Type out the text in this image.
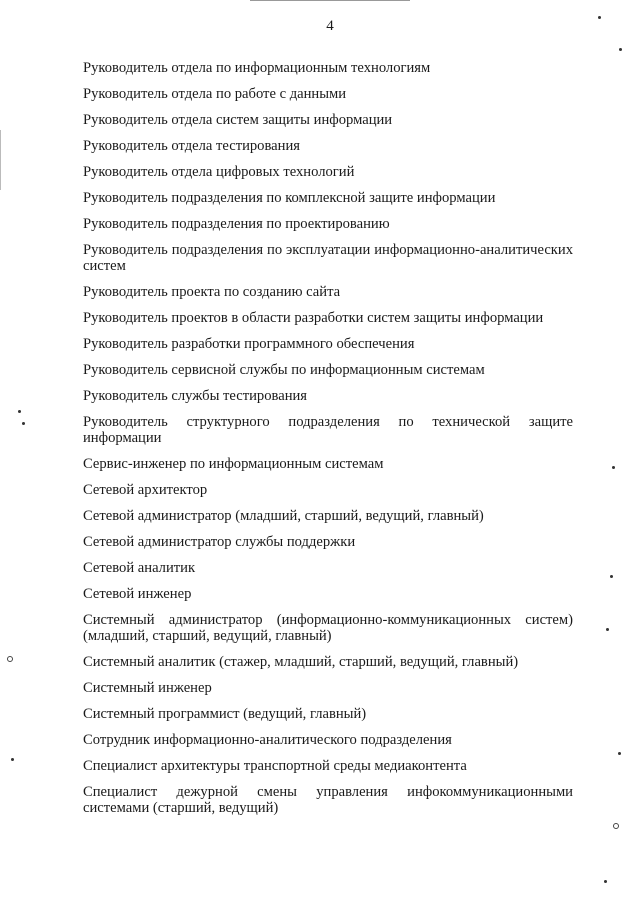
4
Руководитель отдела по информационным технологиям
Руководитель отдела по работе с данными
Руководитель отдела систем защиты информации
Руководитель отдела тестирования
Руководитель отдела цифровых технологий
Руководитель подразделения по комплексной защите информации
Руководитель подразделения по проектированию
Руководитель подразделения по эксплуатации информационно-аналитических систем
Руководитель проекта по созданию сайта
Руководитель проектов в области разработки систем защиты информации
Руководитель разработки программного обеспечения
Руководитель сервисной службы по информационным системам
Руководитель службы тестирования
Руководитель структурного подразделения по технической защите информации
Сервис-инженер по информационным системам
Сетевой архитектор
Сетевой администратор (младший, старший, ведущий, главный)
Сетевой администратор службы поддержки
Сетевой аналитик
Сетевой инженер
Системный администратор (информационно-коммуникационных систем) (младший, старший, ведущий, главный)
Системный аналитик (стажер, младший, старший, ведущий, главный)
Системный инженер
Системный программист (ведущий, главный)
Сотрудник информационно-аналитического подразделения
Специалист архитектуры транспортной среды медиаконтента
Специалист дежурной смены управления инфокоммуникационными системами (старший, ведущий)
